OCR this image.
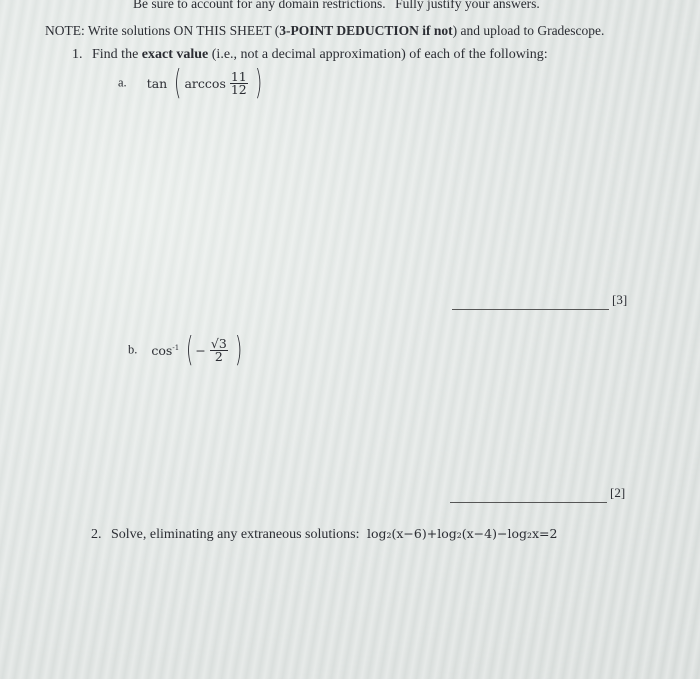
Be sure to account for any domain restrictions. Fully justify your answers.
NOTE: Write solutions ON THIS SHEET (3-POINT DEDUCTION if not) and upload to Gradescope.
1. Find the exact value (i.e., not a decimal approximation) of each of the following:
a. tan ( $\arccos \frac{11}{12}$ )
[3]
b. $\cos^{-1}$ ( − $\frac{√3}{2}$ )
[2]
2. Solve, eliminating any extraneous solutions: log₂(x−6)+log₂(x−4)−log₂x=2
